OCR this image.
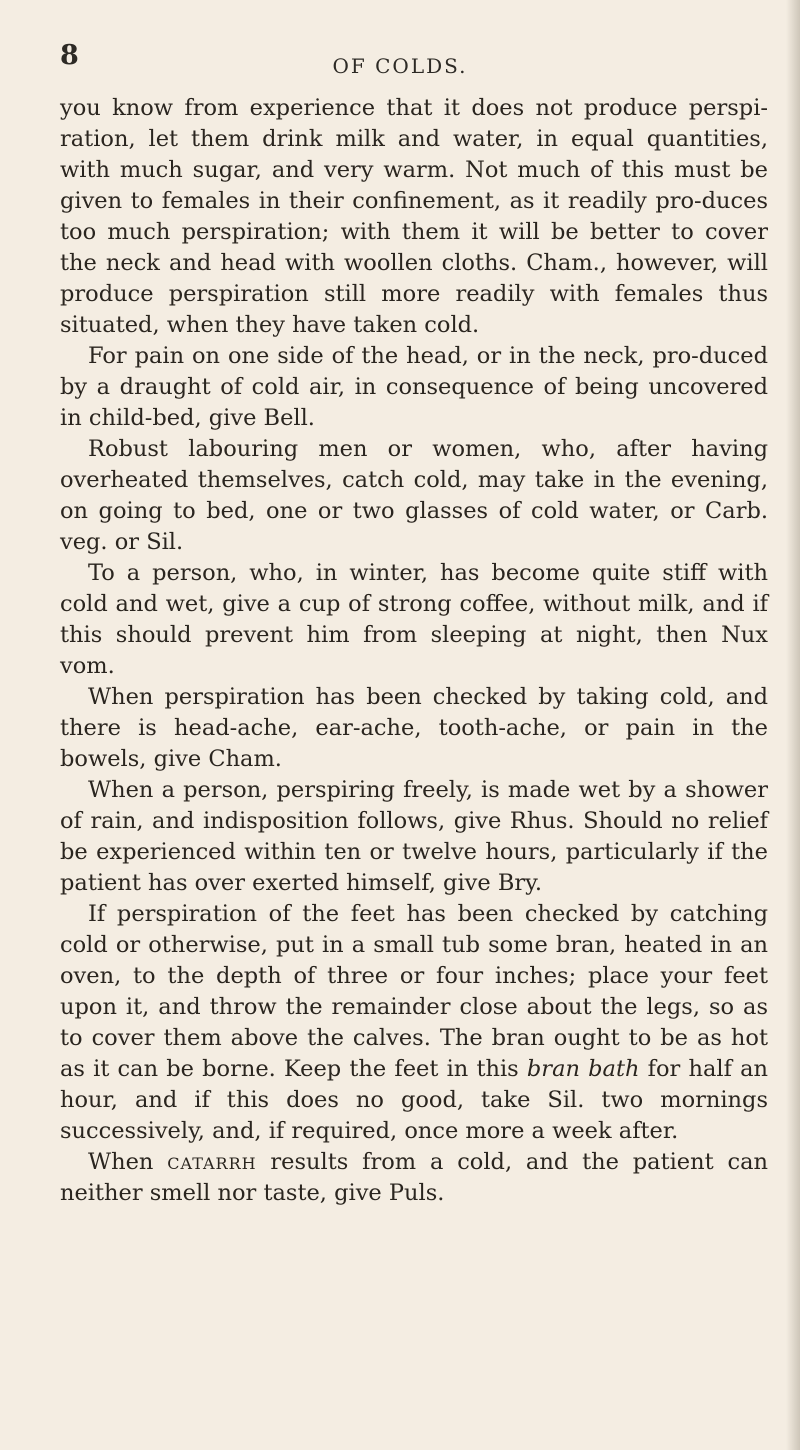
8	OF COLDS.

you know from experience that it does not produce perspi-ration, let them drink milk and water, in equal quantities, with much sugar, and very warm. Not much of this must be given to females in their confinement, as it readily pro-duces too much perspiration; with them it will be better to cover the neck and head with woollen cloths. Cham., however, will produce perspiration still more readily with females thus situated, when they have taken cold.

For pain on one side of the head, or in the neck, pro-duced by a draught of cold air, in consequence of being uncovered in child-bed, give Bell.

Robust labouring men or women, who, after having overheated themselves, catch cold, may take in the evening, on going to bed, one or two glasses of cold water, or Carb. veg. or Sil.

To a person, who, in winter, has become quite stiff with cold and wet, give a cup of strong coffee, without milk, and if this should prevent him from sleeping at night, then Nux vom.

When perspiration has been checked by taking cold, and there is head-ache, ear-ache, tooth-ache, or pain in the bowels, give Cham.

When a person, perspiring freely, is made wet by a shower of rain, and indisposition follows, give Rhus. Should no relief be experienced within ten or twelve hours, particularly if the patient has over exerted himself, give Bry.

If perspiration of the feet has been checked by catching cold or otherwise, put in a small tub some bran, heated in an oven, to the depth of three or four inches; place your feet upon it, and throw the remainder close about the legs, so as to cover them above the calves. The bran ought to be as hot as it can be borne. Keep the feet in this bran bath for half an hour, and if this does no good, take Sil. two mornings successively, and, if required, once more a week after.

When catarrh results from a cold, and the patient can neither smell nor taste, give Puls.
